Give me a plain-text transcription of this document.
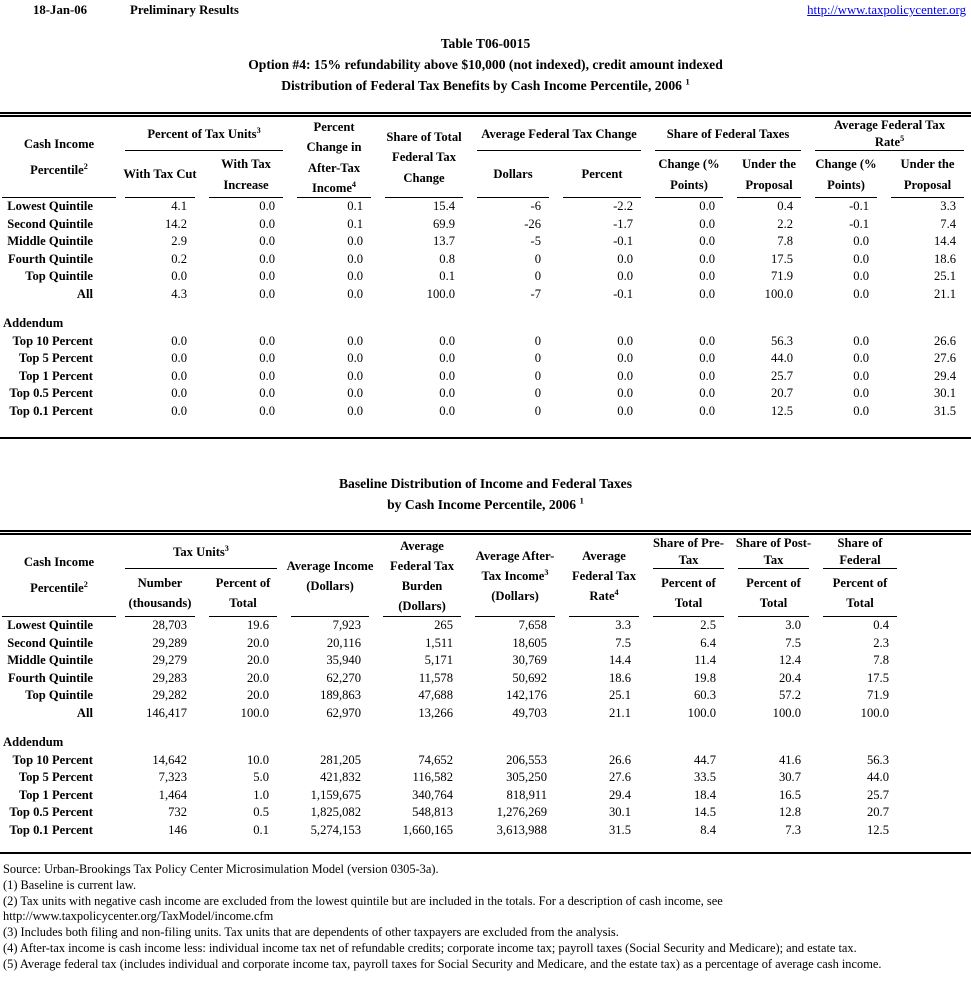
18-Jan-06	Preliminary Results	http://www.taxpolicycenter.org
Table T06-0015
Option #4: 15% refundability above $10,000 (not indexed), credit amount indexed
Distribution of Federal Tax Benefits by Cash Income Percentile, 2006 $^1$
Cash Income Percentile$^2$	Percent of Tax Units$^3$		Percent Change in After-Tax Income$^4$	Share of Total Federal Tax Change	Average Federal Tax Change		Share of Federal Taxes		Average Federal Tax
Rate$^5$
	With Tax Cut	With Tax Increase			Dollars	Percent	Change (% Points)	Under the Proposal	Change (% Points)	Under the Proposal
Lowest Quintile	4.1	0.0	0.1	15.4	-6	-2.2	0.0	0.4	-0.1	3.3
Second Quintile	14.2	0.0	0.1	69.9	-26	-1.7	0.0	2.2	-0.1	7.4
Middle Quintile	2.9	0.0	0.0	13.7	-5	-0.1	0.0	7.8	0.0	14.4
Fourth Quintile	0.2	0.0	0.0	0.8	0	0.0	0.0	17.5	0.0	18.6
Top Quintile	0.0	0.0	0.0	0.1	0	0.0	0.0	71.9	0.0	25.1
All	4.3	0.0	0.0	100.0	-7	-0.1	0.0	100.0	0.0	21.1

Addendum										
Top 10 Percent	0.0	0.0	0.0	0.0	0	0.0	0.0	56.3	0.0	26.6
Top 5 Percent	0.0	0.0	0.0	0.0	0	0.0	0.0	44.0	0.0	27.6
Top 1 Percent	0.0	0.0	0.0	0.0	0	0.0	0.0	25.7	0.0	29.4
Top 0.5 Percent	0.0	0.0	0.0	0.0	0	0.0	0.0	20.7	0.0	30.1
Top 0.1 Percent	0.0	0.0	0.0	0.0	0	0.0	0.0	12.5	0.0	31.5

Baseline Distribution of Income and Federal Taxes
by Cash Income Percentile, 2006 $^1$
Cash Income Percentile$^2$	Tax Units$^3$		Average Income (Dollars)	Average Federal Tax Burden (Dollars)	Average After-Tax Income$^3$
(Dollars)	Average Federal Tax
Rate$^4$	Share of Pre-Tax	Share of Post-Tax	Share of Federal	
	Number (thousands)	Percent of Total					Percent of Total	Percent of Total	Percent of Total	
Lowest Quintile	28,703	19.6	7,923	265	7,658	3.3	2.5	3.0	0.4	
Second Quintile	29,289	20.0	20,116	1,511	18,605	7.5	6.4	7.5	2.3	
Middle Quintile	29,279	20.0	35,940	5,171	30,769	14.4	11.4	12.4	7.8	
Fourth Quintile	29,283	20.0	62,270	11,578	50,692	18.6	19.8	20.4	17.5	
Top Quintile	29,282	20.0	189,863	47,688	142,176	25.1	60.3	57.2	71.9	
All	146,417	100.0	62,970	13,266	49,703	21.1	100.0	100.0	100.0	

Addendum										
Top 10 Percent	14,642	10.0	281,205	74,652	206,553	26.6	44.7	41.6	56.3	
Top 5 Percent	7,323	5.0	421,832	116,582	305,250	27.6	33.5	30.7	44.0	
Top 1 Percent	1,464	1.0	1,159,675	340,764	818,911	29.4	18.4	16.5	25.7	
Top 0.5 Percent	732	0.5	1,825,082	548,813	1,276,269	30.1	14.5	12.8	20.7	
Top 0.1 Percent	146	0.1	5,274,153	1,660,165	3,613,988	31.5	8.4	7.3	12.5	

Source: Urban-Brookings Tax Policy Center Microsimulation Model (version 0305-3a).
(1) Baseline is current law.
(2) Tax units with negative cash income are excluded from the lowest quintile but are included in the totals. For a description of cash income, see http://www.taxpolicycenter.org/TaxModel/income.cfm
(3) Includes both filing and non-filing units. Tax units that are dependents of other taxpayers are excluded from the analysis.
(4) After-tax income is cash income less: individual income tax net of refundable credits; corporate income tax; payroll taxes (Social Security and Medicare); and estate tax.
(5) Average federal tax (includes individual and corporate income tax, payroll taxes for Social Security and Medicare, and the estate tax) as a percentage of average cash income.
